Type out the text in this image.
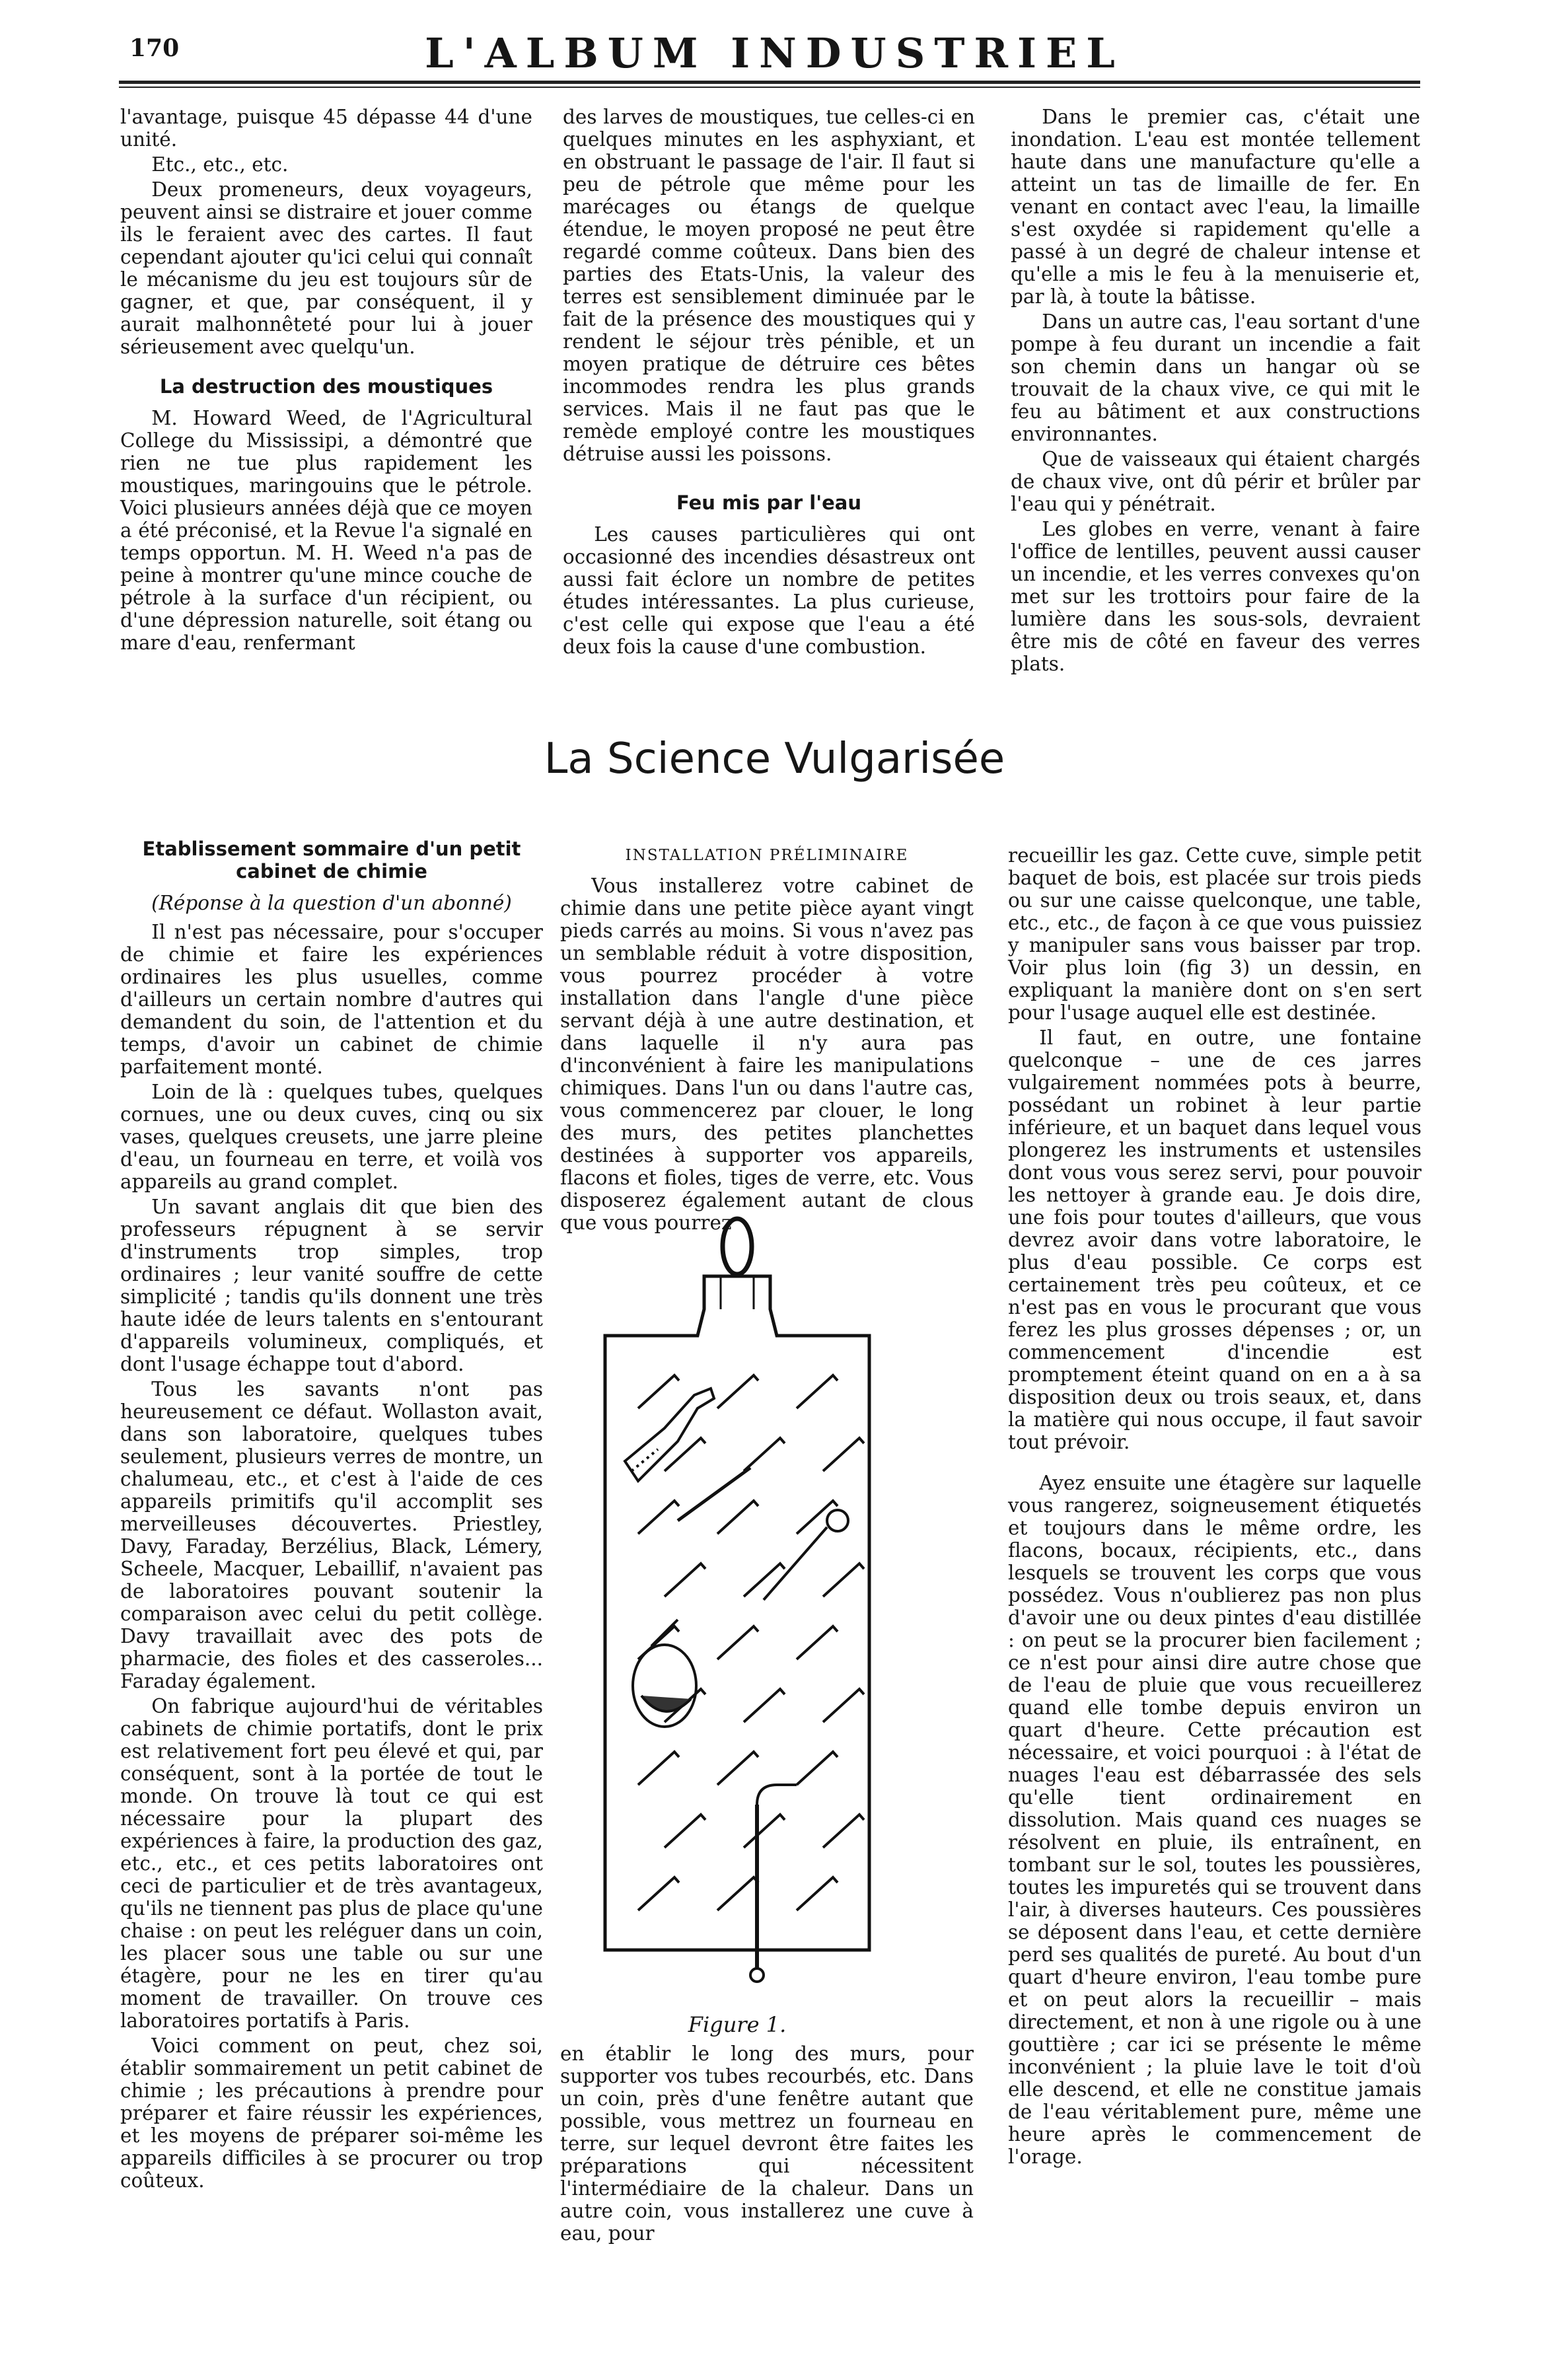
170	L'ALBUM INDUSTRIEL

l'avantage, puisque 45 dépasse 44 d'une unité.

Etc., etc., etc.

Deux promeneurs, deux voyageurs, peuvent ainsi se distraire et jouer comme ils le feraient avec des cartes. Il faut cependant ajouter qu'ici celui qui connaît le mécanisme du jeu est toujours sûr de gagner, et que, par conséquent, il y aurait malhonnêteté pour lui à jouer sérieusement avec quelqu'un.

La destruction des moustiques

M. Howard Weed, de l'Agricultural College du Mississipi, a démontré que rien ne tue plus rapidement les moustiques, maringouins que le pétrole. Voici plusieurs années déjà que ce moyen a été préconisé, et la Revue l'a signalé en temps opportun. M. H. Weed n'a pas de peine à montrer qu'une mince couche de pétrole à la surface d'un récipient, ou d'une dépression naturelle, soit étang ou mare d'eau, renfermant

des larves de moustiques, tue celles-ci en quelques minutes en les asphyxiant, et en obstruant le passage de l'air. Il faut si peu de pétrole que même pour les marécages ou étangs de quelque étendue, le moyen proposé ne peut être regardé comme coûteux. Dans bien des parties des Etats-Unis, la valeur des terres est sensiblement diminuée par le fait de la présence des moustiques qui y rendent le séjour très pénible, et un moyen pratique de détruire ces bêtes incommodes rendra les plus grands services. Mais il ne faut pas que le remède employé contre les moustiques détruise aussi les poissons.

Feu mis par l'eau

Les causes particulières qui ont occasionné des incendies désastreux ont aussi fait éclore un nombre de petites études intéressantes. La plus curieuse, c'est celle qui expose que l'eau a été deux fois la cause d'une combustion.

Dans le premier cas, c'était une inondation. L'eau est montée tellement haute dans une manufacture qu'elle a atteint un tas de limaille de fer. En venant en contact avec l'eau, la limaille s'est oxydée si rapidement qu'elle a passé à un degré de chaleur intense et qu'elle a mis le feu à la menuiserie et, par là, à toute la bâtisse.

Dans un autre cas, l'eau sortant d'une pompe à feu durant un incendie a fait son chemin dans un hangar où se trouvait de la chaux vive, ce qui mit le feu au bâtiment et aux constructions environnantes.

Que de vaisseaux qui étaient chargés de chaux vive, ont dû périr et brûler par l'eau qui y pénétrait.

Les globes en verre, venant à faire l'office de lentilles, peuvent aussi causer un incendie, et les verres convexes qu'on met sur les trottoirs pour faire de la lumière dans les sous-sols, devraient être mis de côté en faveur des verres plats.

La Science Vulgarisée
Etablissement sommaire d'un petit cabinet de chimie

(Réponse à la question d'un abonné)

Il n'est pas nécessaire, pour s'occuper de chimie et faire les expériences ordinaires les plus usuelles, comme d'ailleurs un certain nombre d'autres qui demandent du soin, de l'attention et du temps, d'avoir un cabinet de chimie parfaitement monté.

Loin de là : quelques tubes, quelques cornues, une ou deux cuves, cinq ou six vases, quelques creusets, une jarre pleine d'eau, un fourneau en terre, et voilà vos appareils au grand complet.

Un savant anglais dit que bien des professeurs répugnent à se servir d'instruments trop simples, trop ordinaires ; leur vanité souffre de cette simplicité ; tandis qu'ils donnent une très haute idée de leurs talents en s'entourant d'appareils volumineux, compliqués, et dont l'usage échappe tout d'abord.

Tous les savants n'ont pas heureusement ce défaut. Wollaston avait, dans son laboratoire, quelques tubes seulement, plusieurs verres de montre, un chalumeau, etc., et c'est à l'aide de ces appareils primitifs qu'il accomplit ses merveilleuses découvertes. Priestley, Davy, Faraday, Berzélius, Black, Lémery, Scheele, Macquer, Lebaillif, n'avaient pas de laboratoires pouvant soutenir la comparaison avec celui du petit collège. Davy travaillait avec des pots de pharmacie, des fioles et des casseroles... Faraday également.

On fabrique aujourd'hui de véritables cabinets de chimie portatifs, dont le prix est relativement fort peu élevé et qui, par conséquent, sont à la portée de tout le monde. On trouve là tout ce qui est nécessaire pour la plupart des expériences à faire, la production des gaz, etc., etc., et ces petits laboratoires ont ceci de particulier et de très avantageux, qu'ils ne tiennent pas plus de place qu'une chaise : on peut les reléguer dans un coin, les placer sous une table ou sur une étagère, pour ne les en tirer qu'au moment de travailler. On trouve ces laboratoires portatifs à Paris.

Voici comment on peut, chez soi, établir sommairement un petit cabinet de chimie ; les précautions à prendre pour préparer et faire réussir les expériences, et les moyens de préparer soi-même les appareils difficiles à se procurer ou trop coûteux.

INSTALLATION PRÉLIMINAIRE

Vous installerez votre cabinet de chimie dans une petite pièce ayant vingt pieds carrés au moins. Si vous n'avez pas un semblable réduit à votre disposition, vous pourrez procéder à votre installation dans l'angle d'une pièce servant déjà à une autre destination, et dans laquelle il n'y aura pas d'inconvénient à faire les manipulations chimiques. Dans l'un ou dans l'autre cas, vous commencerez par clouer, le long des murs, des petites planchettes destinées à supporter vos appareils, flacons et fioles, tiges de verre, etc. Vous disposerez également autant de clous que vous pourrez

Figure 1.

en établir le long des murs, pour supporter vos tubes recourbés, etc. Dans un coin, près d'une fenêtre autant que possible, vous mettrez un fourneau en terre, sur lequel devront être faites les préparations qui nécessitent l'intermédiaire de la chaleur. Dans un autre coin, vous installerez une cuve à eau, pour

recueillir les gaz. Cette cuve, simple petit baquet de bois, est placée sur trois pieds ou sur une caisse quelconque, une table, etc., etc., de façon à ce que vous puissiez y manipuler sans vous baisser par trop. Voir plus loin (fig 3) un dessin, en expliquant la manière dont on s'en sert pour l'usage auquel elle est destinée.

Il faut, en outre, une fontaine quelconque – une de ces jarres vulgairement nommées pots à beurre, possédant un robinet à leur partie inférieure, et un baquet dans lequel vous plongerez les instruments et ustensiles dont vous vous serez servi, pour pouvoir les nettoyer à grande eau. Je dois dire, une fois pour toutes d'ailleurs, que vous devrez avoir dans votre laboratoire, le plus d'eau possible. Ce corps est certainement très peu coûteux, et ce n'est pas en vous le procurant que vous ferez les plus grosses dépenses ; or, un commencement d'incendie est promptement éteint quand on en a à sa disposition deux ou trois seaux, et, dans la matière qui nous occupe, il faut savoir tout prévoir.

Ayez ensuite une étagère sur laquelle vous rangerez, soigneusement étiquetés et toujours dans le même ordre, les flacons, bocaux, récipients, etc., dans lesquels se trouvent les corps que vous possédez. Vous n'oublierez pas non plus d'avoir une ou deux pintes d'eau distillée : on peut se la procurer bien facilement ; ce n'est pour ainsi dire autre chose que de l'eau de pluie que vous recueillerez quand elle tombe depuis environ un quart d'heure. Cette précaution est nécessaire, et voici pourquoi : à l'état de nuages l'eau est débarrassée des sels qu'elle tient ordinairement en dissolution. Mais quand ces nuages se résolvent en pluie, ils entraînent, en tombant sur le sol, toutes les poussières, toutes les impuretés qui se trouvent dans l'air, à diverses hauteurs. Ces poussières se déposent dans l'eau, et cette dernière perd ses qualités de pureté. Au bout d'un quart d'heure environ, l'eau tombe pure et on peut alors la recueillir – mais directement, et non à une rigole ou à une gouttière ; car ici se présente le même inconvénient ; la pluie lave le toit d'où elle descend, et elle ne constitue jamais de l'eau véritablement pure, même une heure après le commencement de l'orage.
